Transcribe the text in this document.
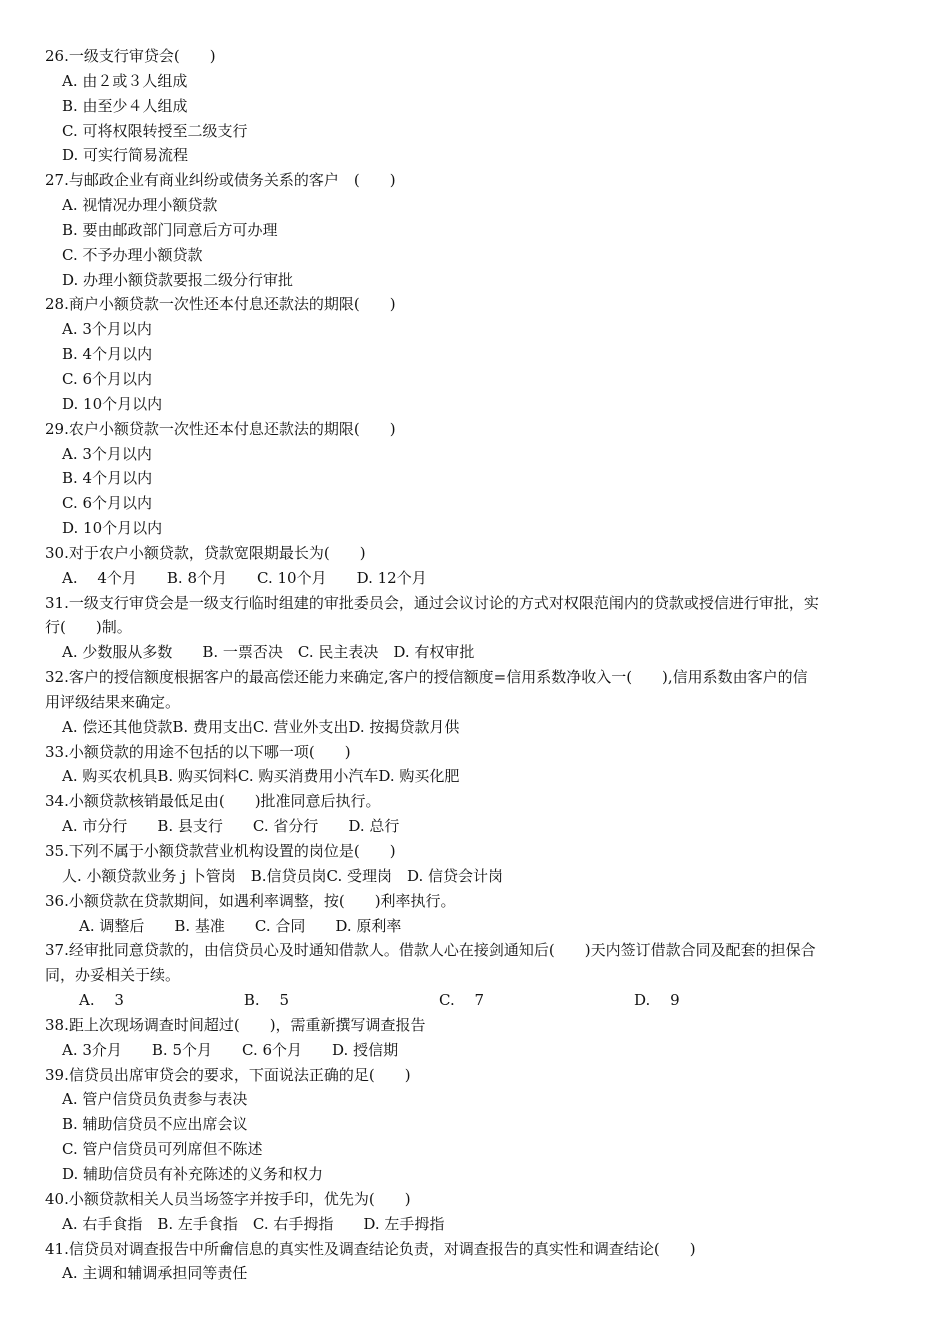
26.一级支行审贷会(　　)
A. 由２或３人组成
B. 由至少４人组成
C. 可将权限转授至二级支行
D. 可实行简易流程
27.与邮政企业有商业纠纷或债务关系的客户　(　　)
A. 视情况办理小额贷款
B. 要由邮政部门同意后方可办理
C. 不予办理小额贷款
D. 办理小额贷款要报二级分行审批
28.商户小额贷款一次性还本付息还款法的期限(　　)
A. 3个月以内
B. 4个月以内
C. 6个月以内
D. 10个月以内
29.农户小额贷款一次性还本付息还款法的期限(　　)
A. 3个月以内
B. 4个月以内
C. 6个月以内
D. 10个月以内
30.对于农户小额贷款，贷款宽限期最长为(　　)
A.　 4个月　　B. 8个月　　C. 10个月　　D. 12个月
31.一级支行审贷会是一级支行临时组建的审批委员会，通过会议讨论的方式对权限范闱内的贷款或授信进行审批，实
行(　　)制。
A. 少数服从多数　　B. 一票否决　C. 民主表决　D. 有权审批
32.客户的授信额度根据客户的最高偿还能力来确定,客户的授信额度=信用系数净收入一(　　),信用系数由客户的信
用评级结果来确定。
A. 偿还其他贷款B. 费用支出C. 营业外支出D. 按揭贷款月供
33.小额贷款的用途不包括的以下哪一项(　　)
A. 购买农机具B. 购买饲料C. 购买消费用小汽车D. 购买化肥
34.小额贷款核销最低足由(　　)批准同意后执行。
A. 市分行　　B. 县支行　　C. 省分行　　D. 总行
35.下列不属于小额贷款营业机构设置的岗位是(　　)
人. 小额贷款业务 j 卜管岗　B.信贷员岗C. 受理岗　D. 信贷会计岗
36.小额贷款在贷款期间，如遇利率调整，按(　　)利率执行。
A. 调整后　　B. 基准　　C. 合同　　D. 原利率
37.经审批同意贷款的，由信贷员心及时通知借款人。借款人心在接剑通知后(　　)天内签订借款合同及配套的担保合
同，办妥相关于续。
A.　 3　　　　　　　　B.　 5　　　　　　　　　　C.　 7　　　　　　　　　　D.　 9
38.距上次现场调查时间超过(　　)，需重新撰写调查报告
A. 3介月　　B. 5个月　　C. 6个月　　D. 授信期
39.信贷员出席审贷会的要求，下面说法正确的足(　　)
A. 管户信贷员负责参与表决
B. 辅助信贷员不应出席会议
C. 管户信贷员可列席但不陈述
D. 辅助信贷员有补充陈述的义务和权力
40.小额贷款相关人员当场签字并按手印，优先为(　　)
A. 右手食指　B. 左手食指　C. 右手拇指　　D. 左手拇指
41.信贷员对调查报告中所龠信息的真实性及调查结论负责，对调查报告的真实性和调查结论(　　)
A. 主调和辅调承担同等责任
